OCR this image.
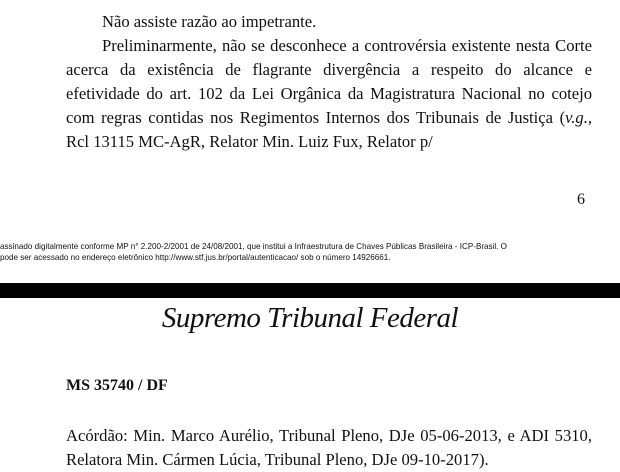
Não assiste razão ao impetrante.

Preliminarmente, não se desconhece a controvérsia existente nesta Corte acerca da existência de flagrante divergência a respeito do alcance e efetividade do art. 102 da Lei Orgânica da Magistratura Nacional no cotejo com regras contidas nos Regimentos Internos dos Tribunais de Justiça (v.g., Rcl 13115 MC-AgR, Relator Min. Luiz Fux, Relator p/

6
assinado digitalmente conforme MP n° 2.200-2/2001 de 24/08/2001, que institui a Infraestrutura de Chaves Públicas Brasileira - ICP-Brasil. O
pode ser acessado no endereço eletrônico http://www.stf.jus.br/portal/autenticacao/ sob o número 14926661.
Supremo Tribunal Federal
MS 35740 / DF

Acórdão: Min. Marco Aurélio, Tribunal Pleno, DJe 05-06-2013, e ADI 5310, Relatora Min. Cármen Lúcia, Tribunal Pleno, DJe 09-10-2017).
